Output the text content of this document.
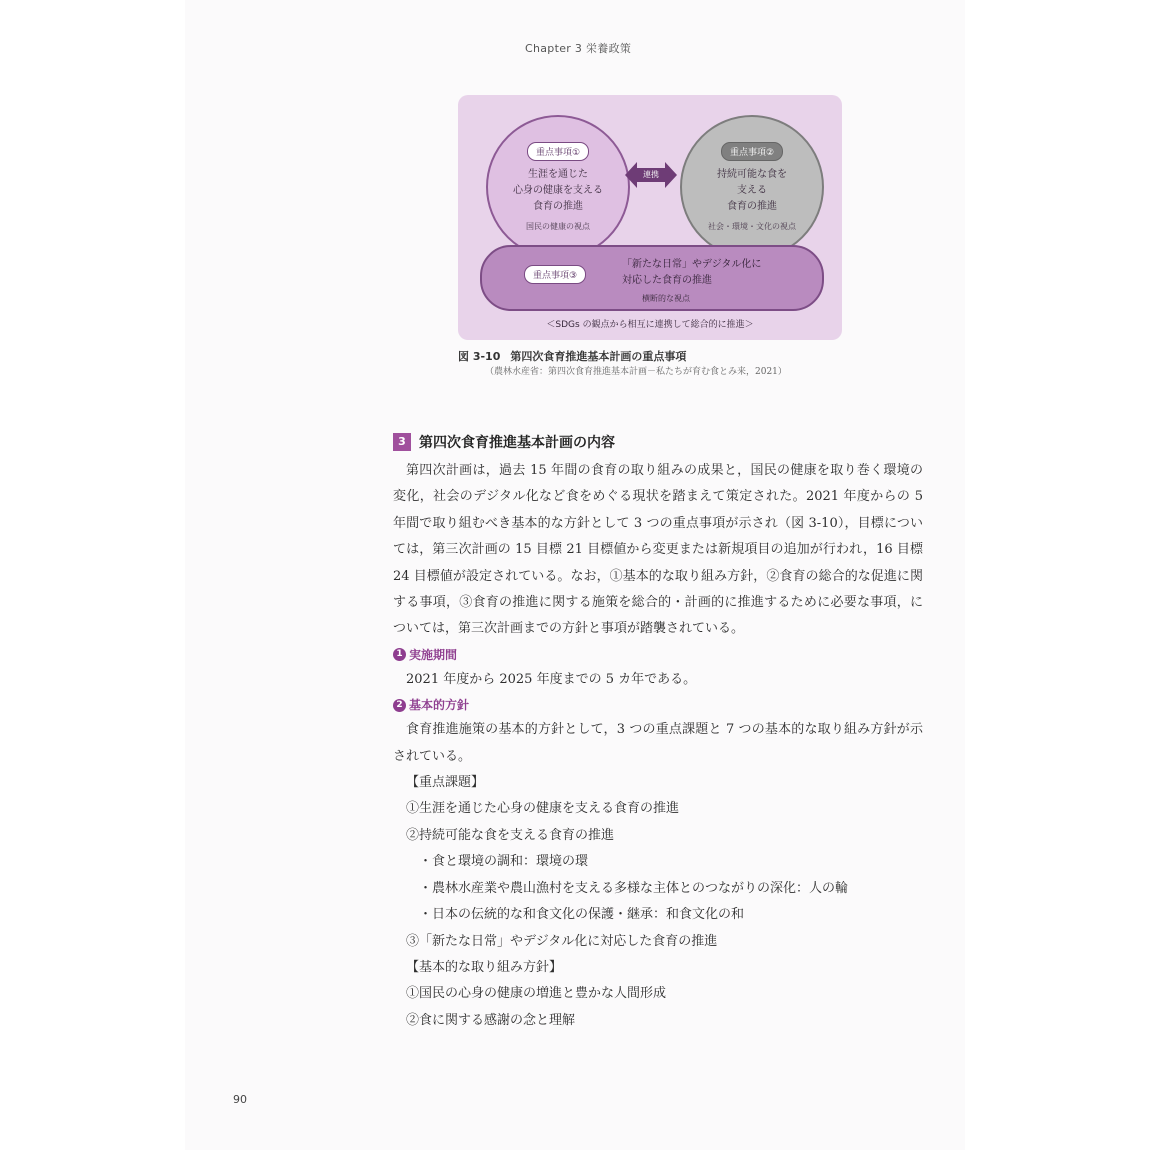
Chapter 3 栄養政策
重点事項①
生涯を通じた
心身の健康を支える
食育の推進
国民の健康の視点
連携
重点事項②
持続可能な食を
支える
食育の推進
社会・環境・文化の視点
重点事項③
「新たな日常」やデジタル化に
対応した食育の推進
横断的な視点
＜SDGs の観点から相互に連携して総合的に推進＞
図 3-10 第四次食育推進基本計画の重点事項
（農林水産省：第四次食育推進基本計画－私たちが育む食とみ来，2021）
3 第四次食育推進基本計画の内容

第四次計画は，過去 15 年間の食育の取り組みの成果と，国民の健康を取り巻く環境の変化，社会のデジタル化など食をめぐる現状を踏まえて策定された。2021 年度からの 5 年間で取り組むべき基本的な方針として 3 つの重点事項が示され（図 3-10），目標については，第三次計画の 15 目標 21 目標値から変更または新規項目の追加が行われ，16 目標 24 目標値が設定されている。なお，①基本的な取り組み方針，②食育の総合的な促進に関する事項，③食育の推進に関する施策を総合的・計画的に推進するために必要な事項，については，第三次計画までの方針と事項が踏襲されている。

1 実施期間

2021 年度から 2025 年度までの 5 カ年である。

2 基本的方針

食育推進施策の基本的方針として，3 つの重点課題と 7 つの基本的な取り組み方針が示されている。

【重点課題】
①生涯を通じた心身の健康を支える食育の推進
②持続可能な食を支える食育の推進
・食と環境の調和：環境の環
・農林水産業や農山漁村を支える多様な主体とのつながりの深化：人の輪
・日本の伝統的な和食文化の保護・継承：和食文化の和
③「新たな日常」やデジタル化に対応した食育の推進
【基本的な取り組み方針】
①国民の心身の健康の増進と豊かな人間形成
②食に関する感謝の念と理解
90
